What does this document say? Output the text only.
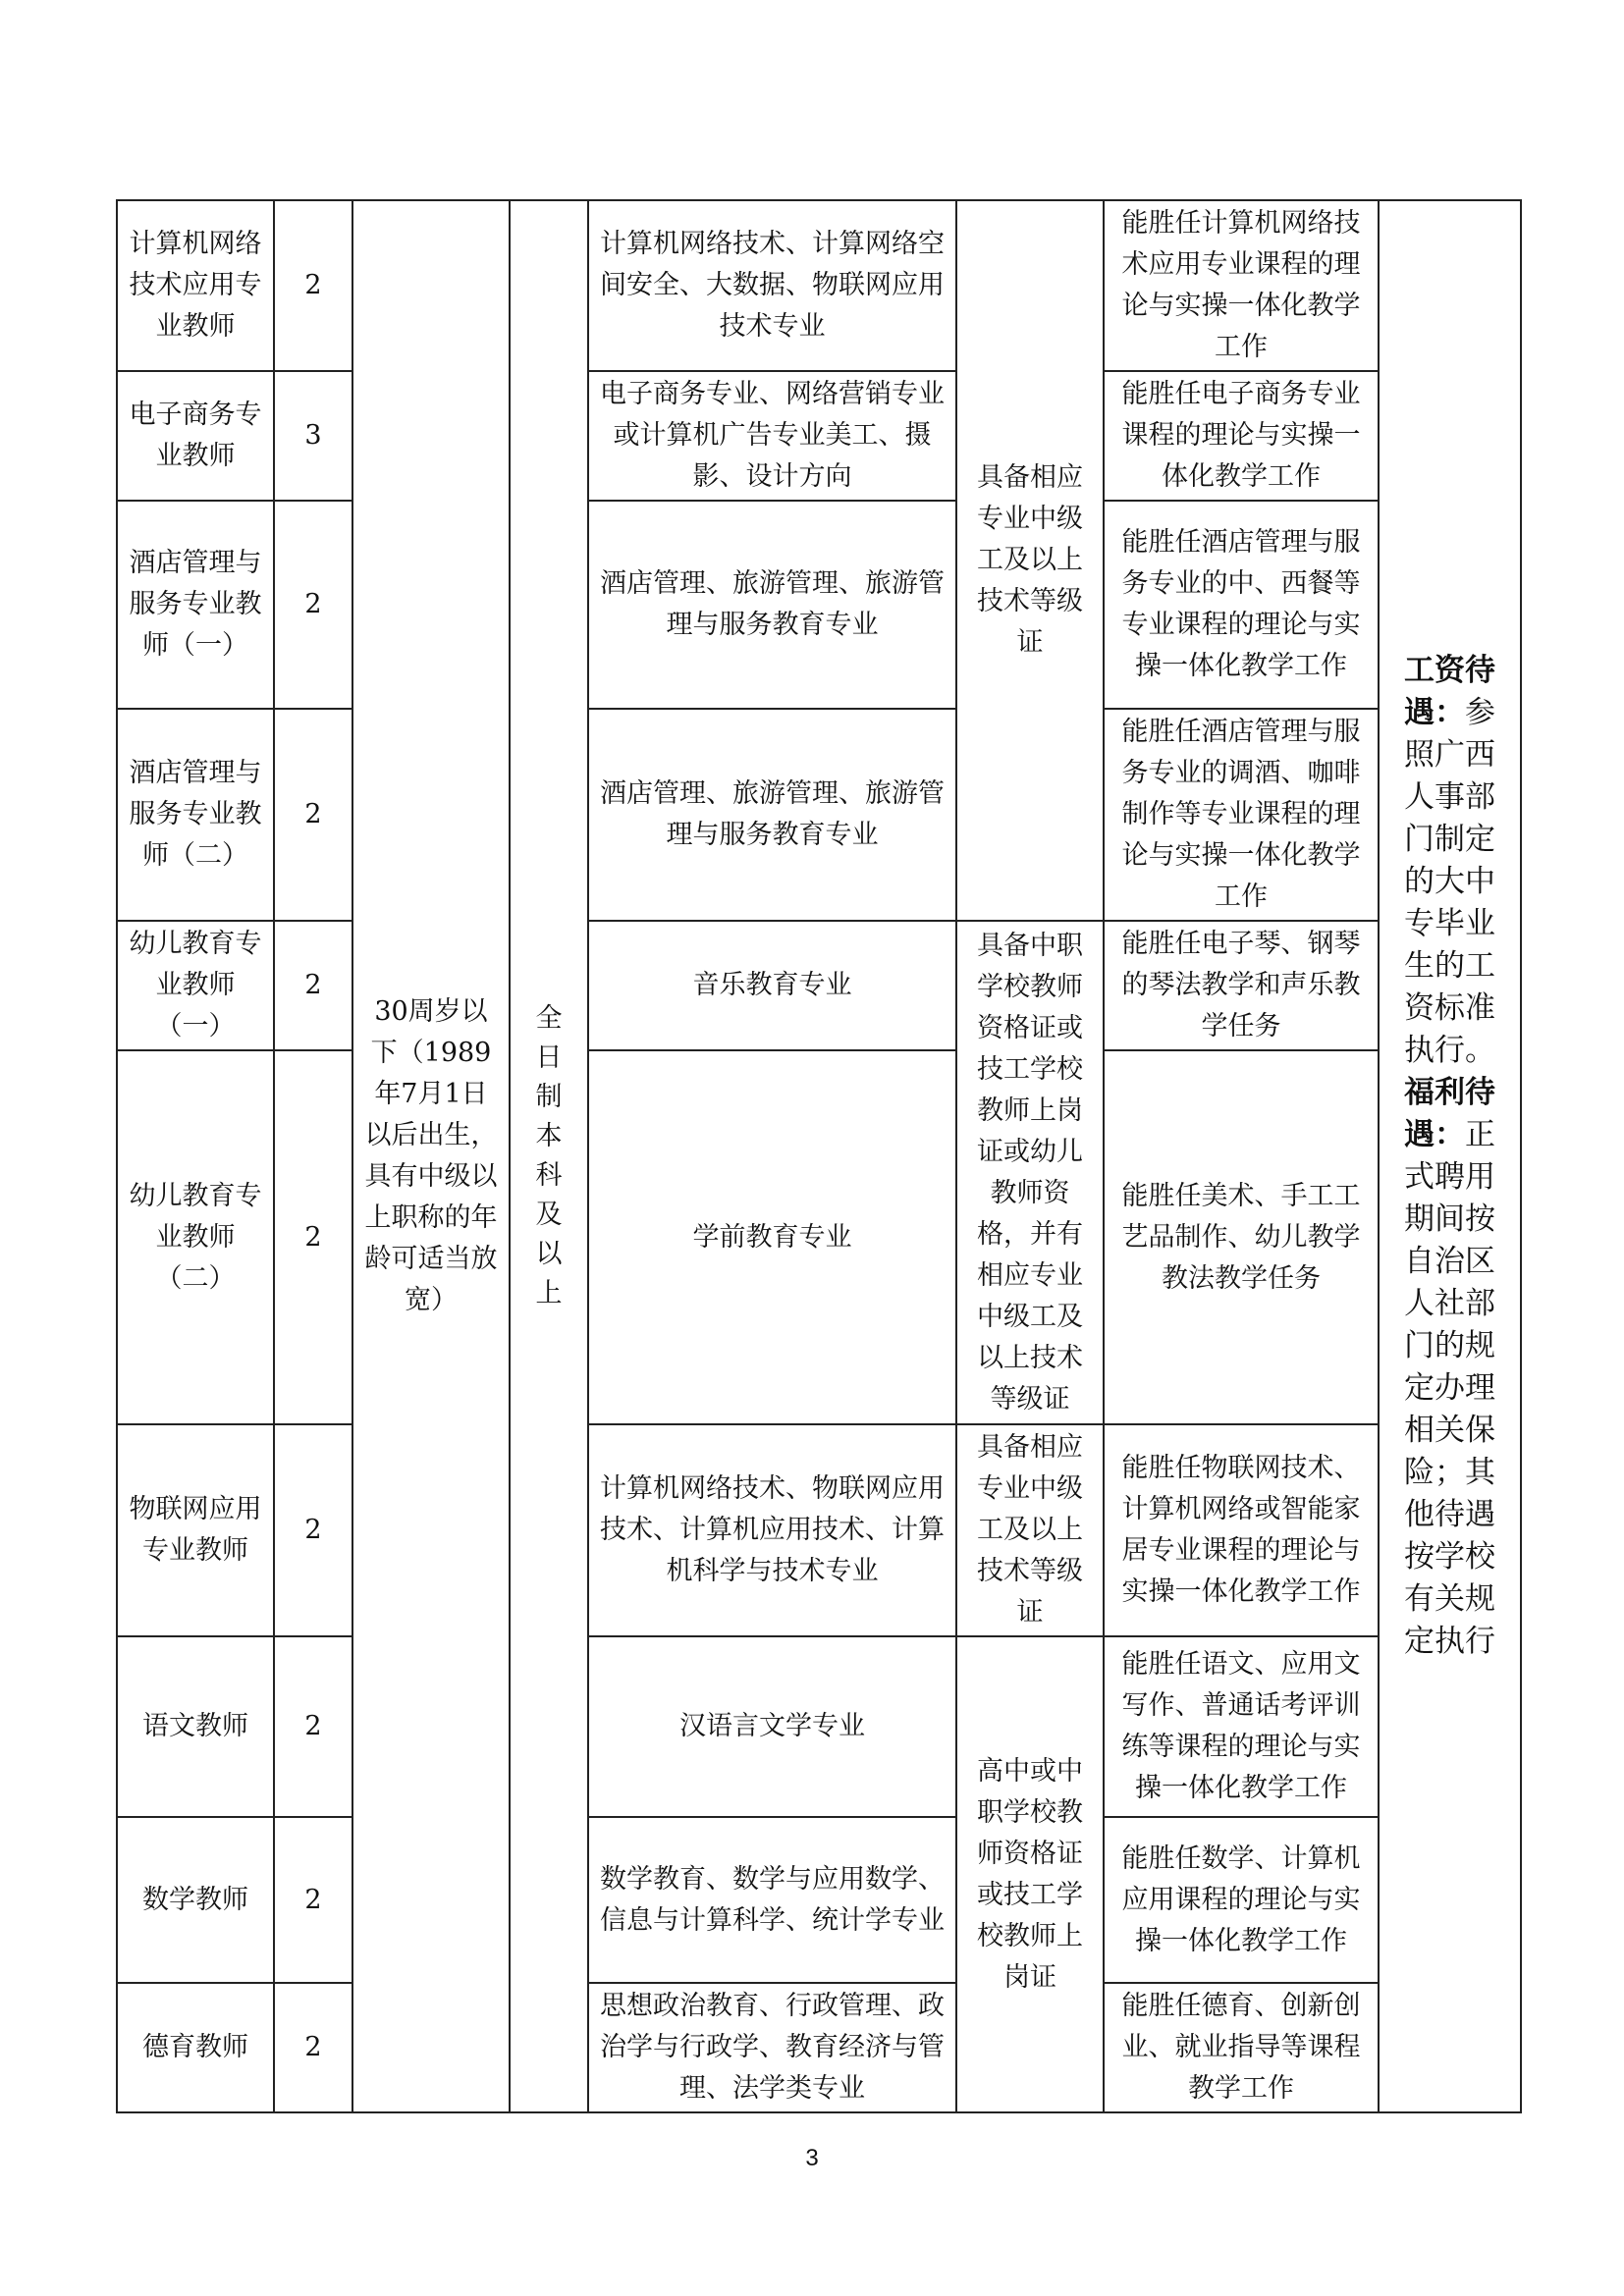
计算机网络技术应用专业教师	2	30周岁以下（1989年7月1日以后出生，具有中级以上职称的年龄可适当放宽）	全日制本科及以上	计算机网络技术、计算网络空间安全、大数据、物联网应用技术专业	具备相应专业中级工及以上技术等级证	能胜任计算机网络技术应用专业课程的理论与实操一体化教学工作	工资待遇：参照广西人事部门制定的大中专毕业生的工资标准执行。
福利待遇：正式聘用期间按自治区人社部门的规定办理相关保险；其他待遇按学校有关规定执行
电子商务专业教师	3			电子商务专业、网络营销专业或计算机广告专业美工、摄影、设计方向		能胜任电子商务专业课程的理论与实操一体化教学工作	
酒店管理与服务专业教师（一）	2			酒店管理、旅游管理、旅游管理与服务教育专业		能胜任酒店管理与服务专业的中、西餐等专业课程的理论与实操一体化教学工作	
酒店管理与服务专业教师（二）	2			酒店管理、旅游管理、旅游管理与服务教育专业		能胜任酒店管理与服务专业的调酒、咖啡制作等专业课程的理论与实操一体化教学工作	
幼儿教育专业教师（一）	2			音乐教育专业	具备中职学校教师资格证或技工学校教师上岗证或幼儿教师资格，并有相应专业中级工及以上技术等级证	能胜任电子琴、钢琴的琴法教学和声乐教学任务	
幼儿教育专业教师（二）	2			学前教育专业		能胜任美术、手工工艺品制作、幼儿教学教法教学任务	
物联网应用专业教师	2			计算机网络技术、物联网应用技术、计算机应用技术、计算机科学与技术专业	具备相应专业中级工及以上技术等级证	能胜任物联网技术、计算机网络或智能家居专业课程的理论与实操一体化教学工作	
语文教师	2			汉语言文学专业	高中或中职学校教师资格证或技工学校教师上岗证	能胜任语文、应用文写作、普通话考评训练等课程的理论与实操一体化教学工作	
数学教师	2			数学教育、数学与应用数学、信息与计算科学、统计学专业		能胜任数学、计算机应用课程的理论与实操一体化教学工作	
德育教师	2			思想政治教育、行政管理、政治学与行政学、教育经济与管理、法学类专业		能胜任德育、创新创业、就业指导等课程教学工作	
3
